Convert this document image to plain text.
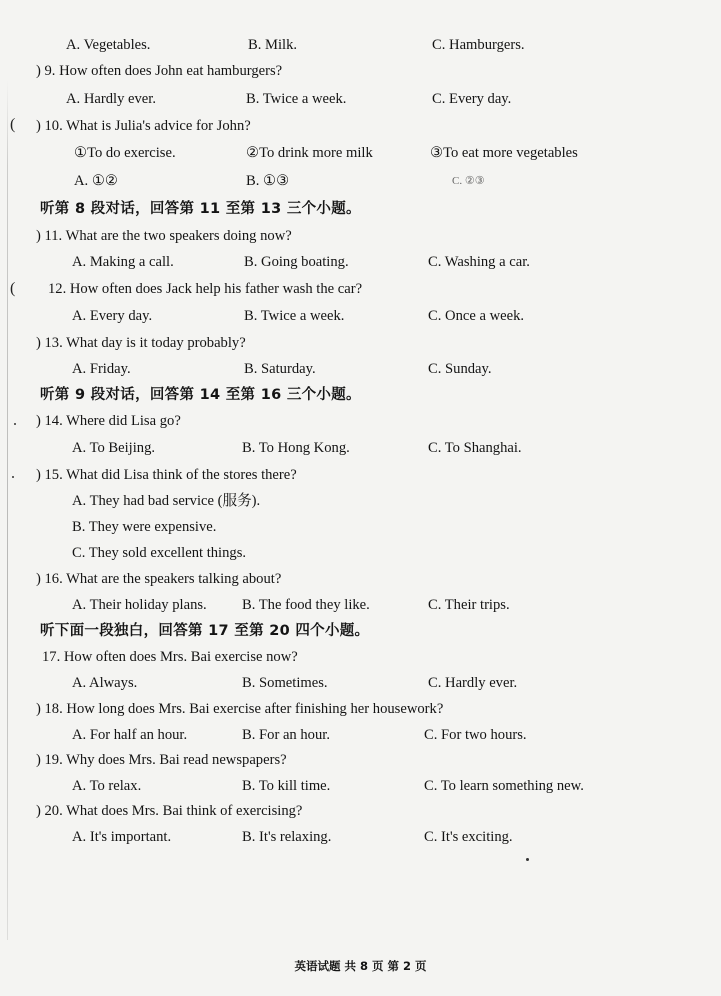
A. Vegetables.	B. Milk.	C. Hamburgers.
) 9. How often does John eat hamburgers?
A. Hardly ever.	B. Twice a week.	C. Every day.
( ) 10. What is Julia's advice for John?
①To do exercise.	②To drink more milk	③To eat more vegetables
A. ①②	B. ①③	C. ②③
听第 8 段对话，回答第 11 至第 13 三个小题。
) 11. What are the two speakers doing now?
A. Making a call.	B. Going boating.	C. Washing a car.
( 12. How often does Jack help his father wash the car?
A. Every day.	B. Twice a week.	C. Once a week.
) 13. What day is it today probably?
A. Friday.	B. Saturday.	C. Sunday.
听第 9 段对话，回答第 14 至第 16 三个小题。
) 14. Where did Lisa go?
A. To Beijing.	B. To Hong Kong.	C. To Shanghai.
) 15. What did Lisa think of the stores there?
A. They had bad service (服务).
B. They were expensive.
C. They sold excellent things.
) 16. What are the speakers talking about?
A. Their holiday plans. B. The food they like.	C. Their trips.
听下面一段独白，回答第 17 至第 20 四个小题。
17. How often does Mrs. Bai exercise now?
A. Always.	B. Sometimes.	C. Hardly ever.
) 18. How long does Mrs. Bai exercise after finishing her housework?
A. For half an hour.	B. For an hour.	C. For two hours.
) 19. Why does Mrs. Bai read newspapers?
A. To relax.	B. To kill time.	C. To learn something new.
) 20. What does Mrs. Bai think of exercising?
A. It's important.	B. It's relaxing.	C. It's exciting.
英语试题 共 8 页 第 2 页
